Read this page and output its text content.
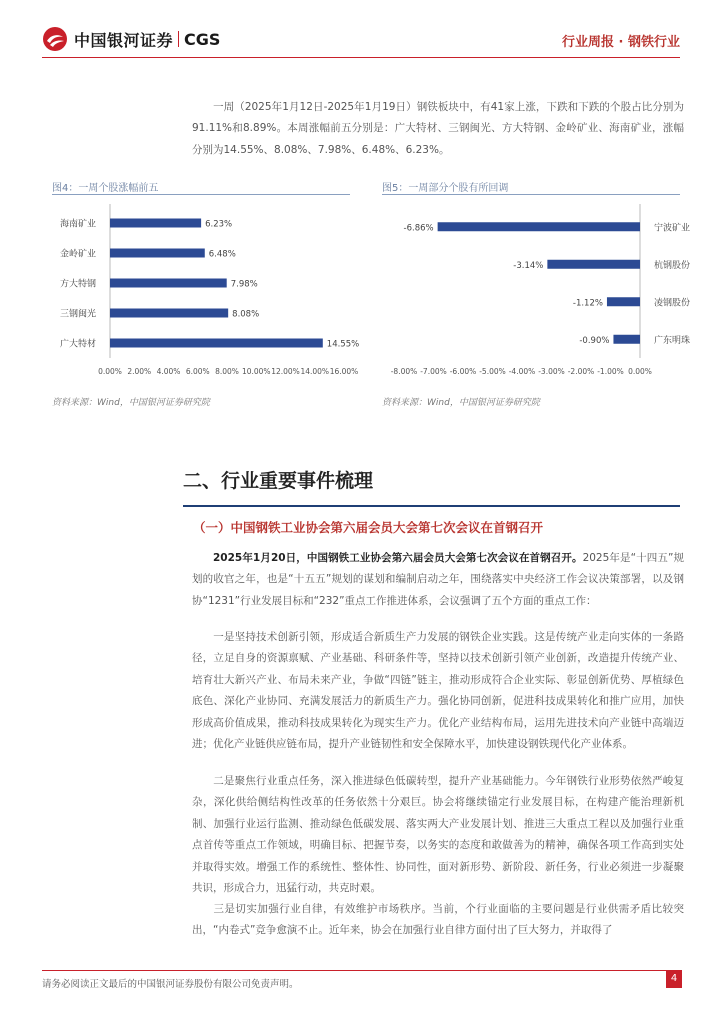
中国银河证券 CGS	行业周报 · 钢铁行业

一周（2025年1月12日-2025年1月19日）钢铁板块中，有41家上涨，下跌和下跌的个股占比分别为91.11%和8.89%。本周涨幅前五分别是：广大特材、三钢闽光、方大特钢、金岭矿业、海南矿业，涨幅分别为14.55%、8.08%、7.98%、6.48%、6.23%。

图4：一周个股涨幅前五
海南矿业	6.23%
金岭矿业	6.48%
方大特钢	7.98%
三钢闽光	8.08%
广大特材	14.55%
0.00% 2.00% 4.00% 6.00% 8.00% 10.00% 12.00% 14.00% 16.00%
资料来源：Wind，中国银河证券研究院
图5：一周部分个股有所回调
宁波矿业
-6.86%
杭钢股份
-3.14%
凌钢股份
-1.12%
广东明珠
-0.90%
-8.00% -7.00% -6.00% -5.00% -4.00% -3.00% -2.00% -1.00% 0.00%
资料来源：Wind，中国银河证券研究院
二、行业重要事件梳理
（一）中国钢铁工业协会第六届会员大会第七次会议在首钢召开

2025年1月20日，中国钢铁工业协会第六届会员大会第七次会议在首钢召开。2025年是“十四五”规划的收官之年，也是“十五五”规划的谋划和编制启动之年，围绕落实中央经济工作会议决策部署，以及钢协“1231”行业发展目标和“232”重点工作推进体系，会议强调了五个方面的重点工作：

一是坚持技术创新引领，形成适合新质生产力发展的钢铁企业实践。这是传统产业走向实体的一条路径，立足自身的资源禀赋、产业基础、科研条件等，坚持以技术创新引领产业创新，改造提升传统产业、培育壮大新兴产业、布局未来产业，争做“四链”链主，推动形成符合企业实际、彰显创新优势、厚植绿色底色、深化产业协同、充满发展活力的新质生产力。强化协同创新，促进科技成果转化和推广应用，加快形成高价值成果，推动科技成果转化为现实生产力。优化产业结构布局，运用先进技术向产业链中高端迈进；优化产业链供应链布局，提升产业链韧性和安全保障水平，加快建设钢铁现代化产业体系。

二是聚焦行业重点任务，深入推进绿色低碳转型，提升产业基础能力。今年钢铁行业形势依然严峻复杂，深化供给侧结构性改革的任务依然十分艰巨。协会将继续锚定行业发展目标，在构建产能治理新机制、加强行业运行监测、推动绿色低碳发展、落实两大产业发展计划、推进三大重点工程以及加强行业重点首传等重点工作领域，明确目标、把握节奏，以务实的态度和敢做善为的精神，确保各项工作高到实处并取得实效。增强工作的系统性、整体性、协同性，面对新形势、新阶段、新任务，行业必须进一步凝聚共识，形成合力，迅猛行动，共克时艰。

三是切实加强行业自律，有效维护市场秩序。当前，个行业面临的主要问题是行业供需矛盾比较突出，“内卷式”竞争愈演不止。近年来，协会在加强行业自律方面付出了巨大努力，并取得了

请务必阅读正文最后的中国银河证券股份有限公司免责声明。
4
